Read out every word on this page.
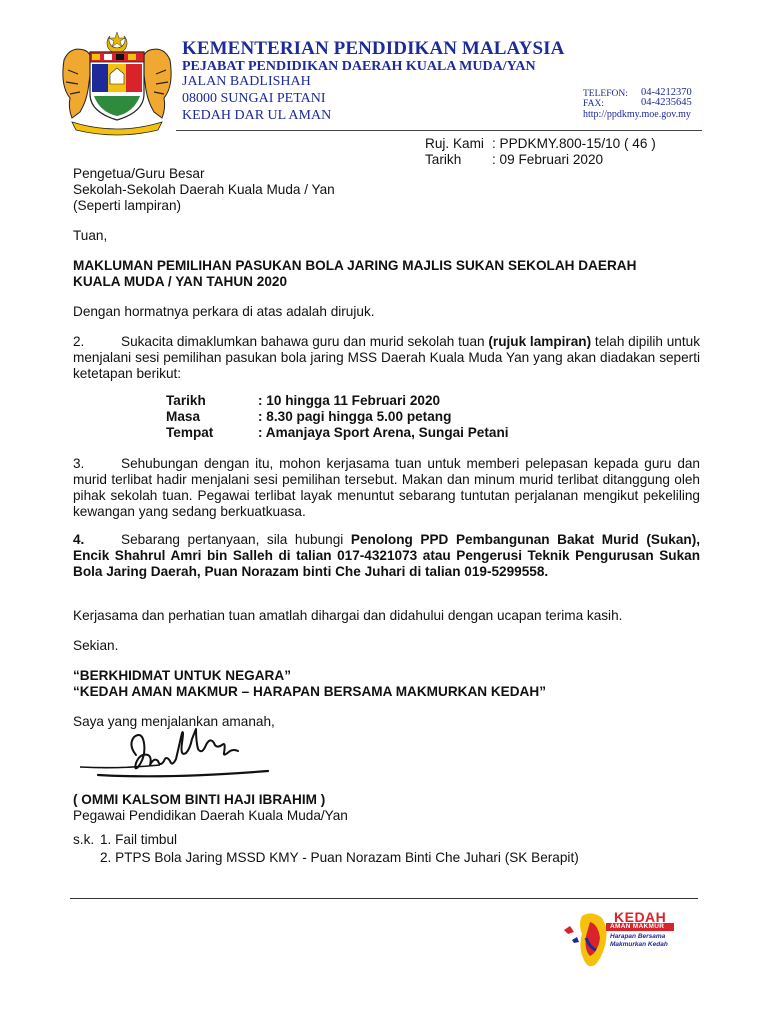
KEMENTERIAN PENDIDIKAN MALAYSIA
PEJABAT PENDIDIKAN DAERAH KUALA MUDA/YAN
JALAN BADLISHAH
08000 SUNGAI PETANI
KEDAH DAR UL AMAN
TELEFON: 04-4212370
FAX:	04-4235645
http://ppdkmy.moe.gov.my
Ruj. Kami : PPDKMY.800-15/10 ( 46 )
Tarikh : 09 Februari 2020
Pengetua/Guru Besar
Sekolah-Sekolah Daerah Kuala Muda / Yan
(Seperti lampiran)
Tuan,
MAKLUMAN PEMILIHAN PASUKAN BOLA JARING MAJLIS SUKAN SEKOLAH DAERAH
KUALA MUDA / YAN TAHUN 2020
Dengan hormatnya perkara di atas adalah dirujuk.
2.	Sukacita dimaklumkan bahawa guru dan murid sekolah tuan (rujuk lampiran) telah dipilih untuk menjalani sesi pemilihan pasukan bola jaring MSS Daerah Kuala Muda Yan yang akan diadakan seperti ketetapan berikut:
Tarikh	: 10 hingga 11 Februari 2020
Masa	: 8.30 pagi hingga 5.00 petang
Tempat	: Amanjaya Sport Arena, Sungai Petani
3.	Sehubungan dengan itu, mohon kerjasama tuan untuk memberi pelepasan kepada guru dan murid terlibat hadir menjalani sesi pemilihan tersebut. Makan dan minum murid terlibat ditanggung oleh pihak sekolah tuan. Pegawai terlibat layak menuntut sebarang tuntutan perjalanan mengikut pekeliling kewangan yang sedang berkuatkuasa.
4.	Sebarang pertanyaan, sila hubungi Penolong PPD Pembangunan Bakat Murid (Sukan), Encik Shahrul Amri bin Salleh di talian 017-4321073 atau Pengerusi Teknik Pengurusan Sukan Bola Jaring Daerah, Puan Norazam binti Che Juhari di talian 019-5299558.
Kerjasama dan perhatian tuan amatlah dihargai dan didahului dengan ucapan terima kasih.
Sekian.
“BERKHIDMAT UNTUK NEGARA”
“KEDAH AMAN MAKMUR – HARAPAN BERSAMA MAKMURKAN KEDAH”
Saya yang menjalankan amanah,
( OMMI KALSOM BINTI HAJI IBRAHIM )
Pegawai Pendidikan Daerah Kuala Muda/Yan
s.k. 1. Fail timbul
2. PTPS Bola Jaring MSSD KMY - Puan Norazam Binti Che Juhari (SK Berapit)
KEDAH
AMAN MAKMUR
Harapan Bersama
Makmurkan Kedah
